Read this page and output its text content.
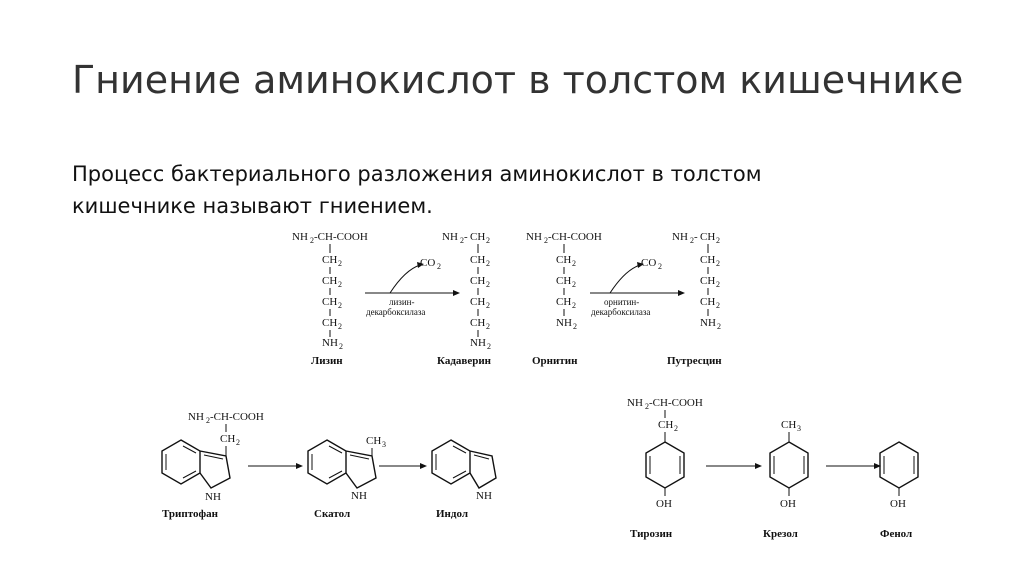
Гниение аминокислот в толстом кишечнике
Процесс бактериального разложения аминокислот в толстом
кишечнике называют гниением.
NH 2 -CH-COOH
CH 2
CH 2
CH 2
CH 2
NH 2
Лизин
CO 2
лизин-
декарбоксилаза
NH 2 - CH 2
CH 2
CH 2
CH 2
CH 2
NH 2
Кадаверин
NH 2 -CH-COOH
CH 2
CH 2
CH 2
NH 2
Орнитин
CO 2
орнитин-
декарбоксилаза
NH 2 - CH 2
CH 2
CH 2
CH 2
NH 2
Путресцин
NH 2 -CH-COOH
CH 2
NH
Триптофан
CH 3
NH
Скатол
NH
Индол
NH 2 -CH-COOH
CH 2
OH
Тирозин
CH 3
OH
Крезол
OH
Фенол
